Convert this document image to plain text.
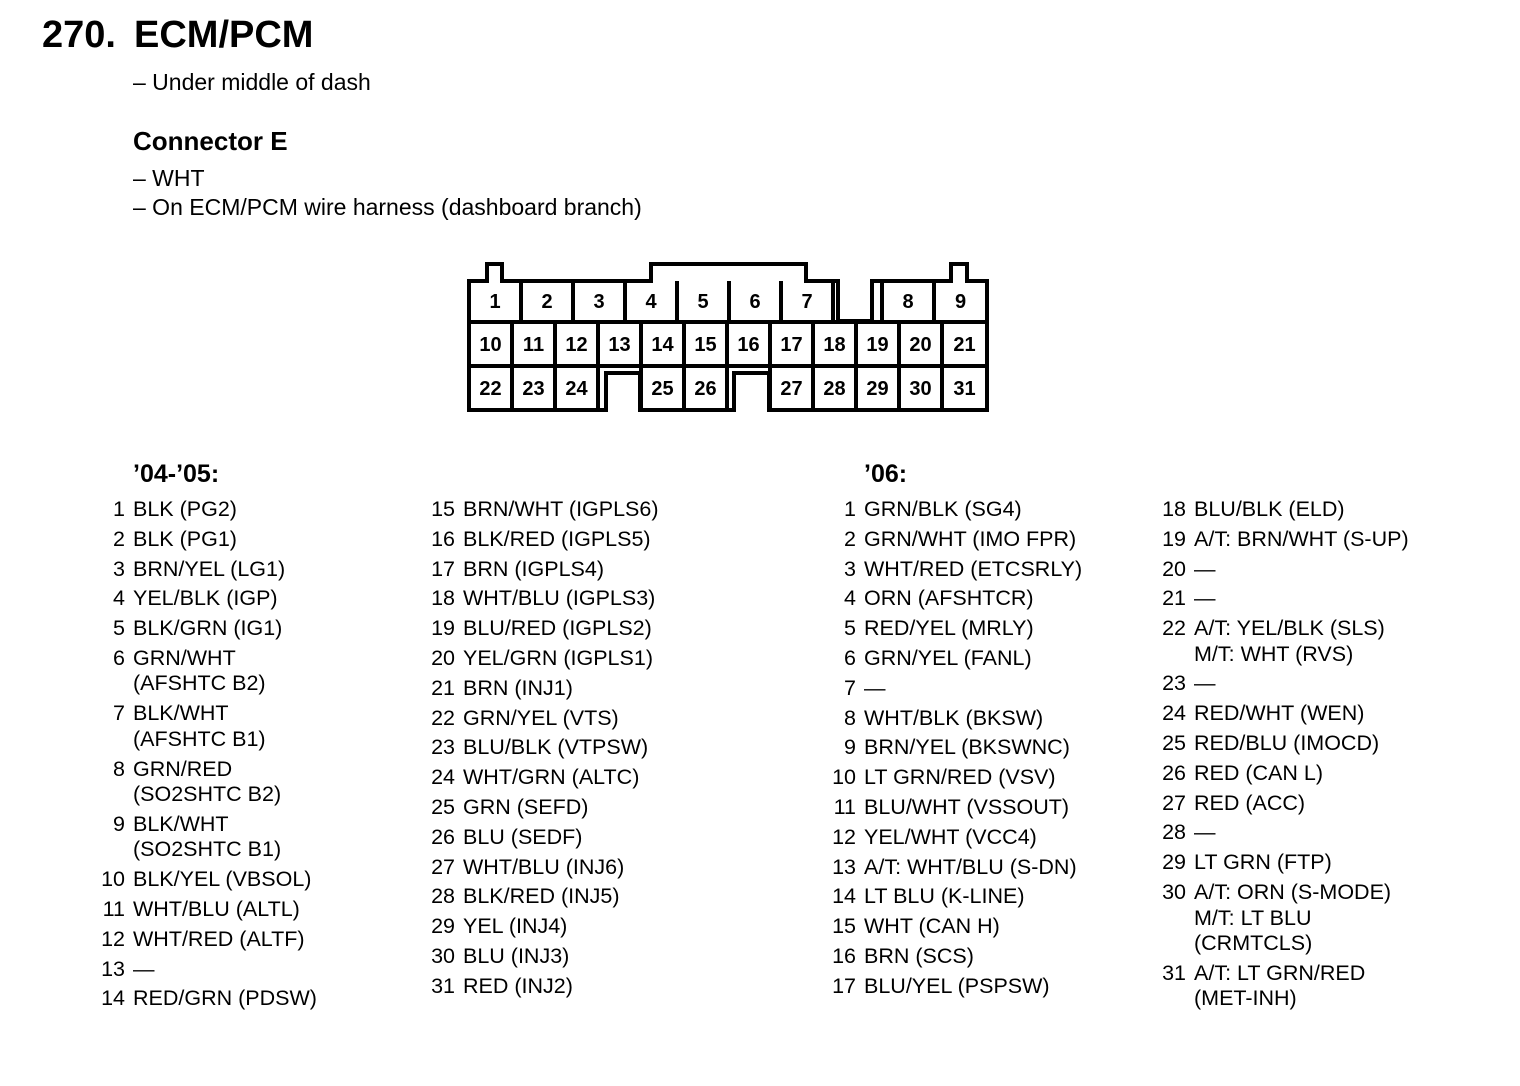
270. ECM/PCM
– Under middle of dash
Connector E
– WHT
– On ECM/PCM wire harness (dashboard branch)
1 2 3 4 5 6 7	8 9
10 11 12 13 14 15 16 17 18 19 20 21
22 23 24	25 26	27 28 29 30 31
’04-’05:	’06:
1 BLK (PG2)
2 BLK (PG1)
3 BRN/YEL (LG1)
4 YEL/BLK (IGP)
5 BLK/GRN (IG1)
6 GRN/WHT
(AFSHTC B2)
7 BLK/WHT
(AFSHTC B1)
8 GRN/RED
(SO2SHTC B2)
9 BLK/WHT
(SO2SHTC B1)
10 BLK/YEL (VBSOL)
11 WHT/BLU (ALTL)
12 WHT/RED (ALTF)
13 —
14 RED/GRN (PDSW)
15 BRN/WHT (IGPLS6)
16 BLK/RED (IGPLS5)
17 BRN (IGPLS4)
18 WHT/BLU (IGPLS3)
19 BLU/RED (IGPLS2)
20 YEL/GRN (IGPLS1)
21 BRN (INJ1)
22 GRN/YEL (VTS)
23 BLU/BLK (VTPSW)
24 WHT/GRN (ALTC)
25 GRN (SEFD)
26 BLU (SEDF)
27 WHT/BLU (INJ6)
28 BLK/RED (INJ5)
29 YEL (INJ4)
30 BLU (INJ3)
31 RED (INJ2)
1 GRN/BLK (SG4)
2 GRN/WHT (IMO FPR)
3 WHT/RED (ETCSRLY)
4 ORN (AFSHTCR)
5 RED/YEL (MRLY)
6 GRN/YEL (FANL)
7 —
8 WHT/BLK (BKSW)
9 BRN/YEL (BKSWNC)
10 LT GRN/RED (VSV)
11 BLU/WHT (VSSOUT)
12 YEL/WHT (VCC4)
13 A/T: WHT/BLU (S-DN)
14 LT BLU (K-LINE)
15 WHT (CAN H)
16 BRN (SCS)
17 BLU/YEL (PSPSW)
18 BLU/BLK (ELD)
19 A/T: BRN/WHT (S-UP)
20 —
21 —
22 A/T: YEL/BLK (SLS)
M/T: WHT (RVS)
23 —
24 RED/WHT (WEN)
25 RED/BLU (IMOCD)
26 RED (CAN L)
27 RED (ACC)
28 —
29 LT GRN (FTP)
30 A/T: ORN (S-MODE)
M/T: LT BLU
(CRMTCLS)
31 A/T: LT GRN/RED
(MET-INH)
